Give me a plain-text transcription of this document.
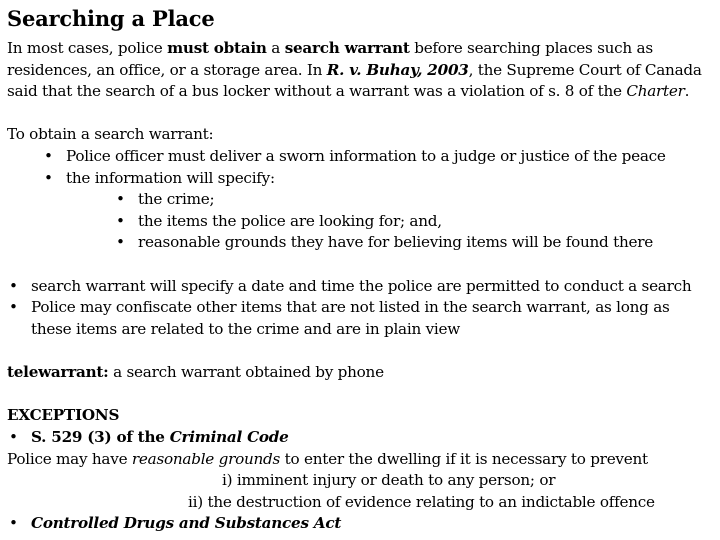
Searching a Place
In most cases, police must obtain a search warrant before searching places such as
residences, an office, or a storage area. In R. v. Buhay, 2003, the Supreme Court of Canada
said that the search of a bus locker without a warrant was a violation of s. 8 of the Charter.
To obtain a search warrant:
• Police officer must deliver a sworn information to a judge or justice of the peace
• the information will specify:
• the crime;
• the items the police are looking for; and,
• reasonable grounds they have for believing items will be found there
• search warrant will specify a date and time the police are permitted to conduct a search
• Police may confiscate other items that are not listed in the search warrant, as long as
these items are related to the crime and are in plain view
telewarrant: a search warrant obtained by phone
EXCEPTIONS
• S. 529 (3) of the Criminal Code
Police may have reasonable grounds to enter the dwelling if it is necessary to prevent
i) imminent injury or death to any person; or
ii) the destruction of evidence relating to an indictable offence
• Controlled Drugs and Substances Act
